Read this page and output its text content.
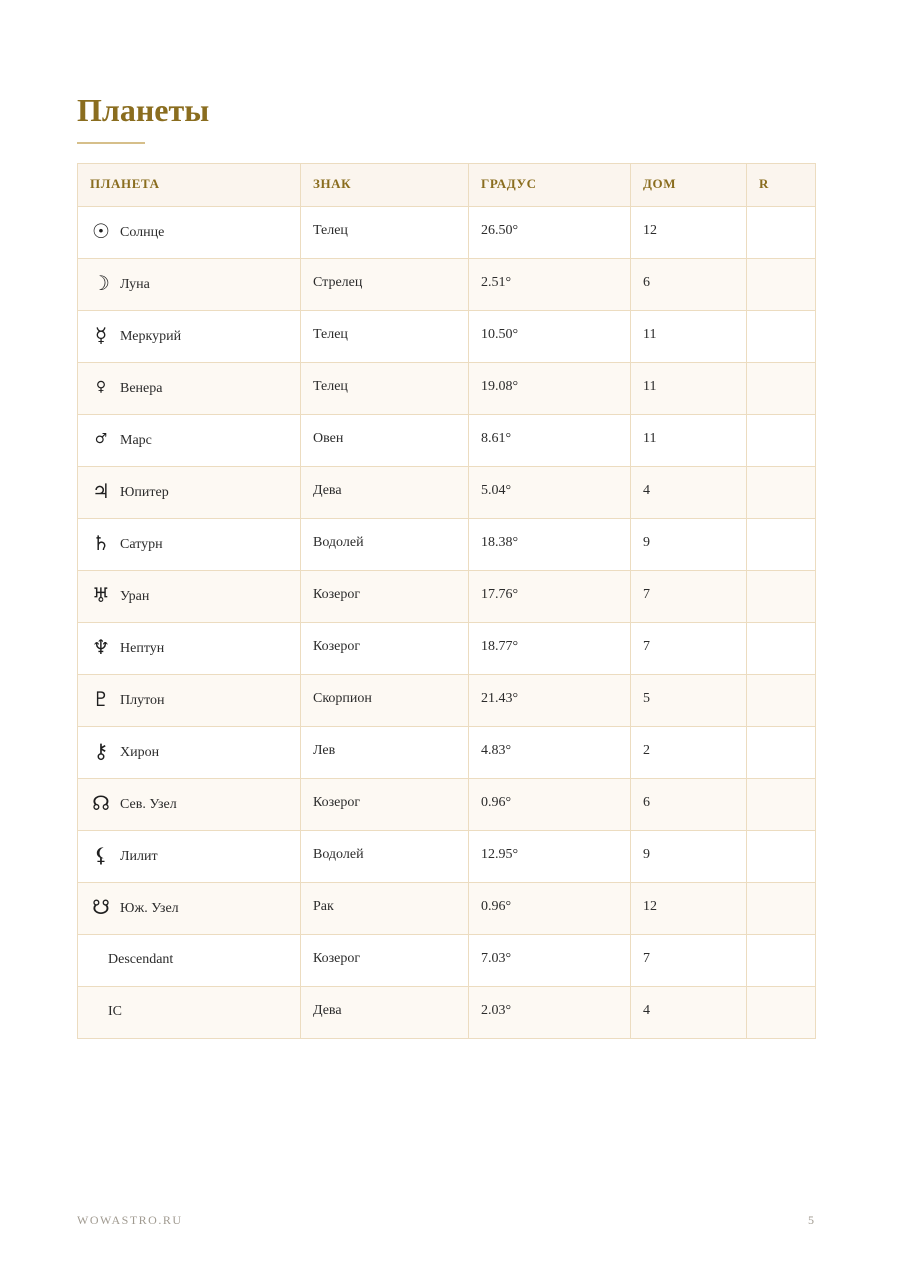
Планеты
ПЛАНЕТА	ЗНАК	ГРАДУС	ДОМ	R

☉ Солнце	Телец	26.50°	12	

☽ Луна	Стрелец	2.51°	6	

☿ Меркурий	Телец	10.50°	11	

♀ Венера	Телец	19.08°	11	

♂ Марс	Овен	8.61°	11	

♃ Юпитер	Дева	5.04°	4	

♄ Сатурн	Водолей	18.38°	9	

♅ Уран	Козерог	17.76°	7	

♆ Нептун	Козерог	18.77°	7	

♇ Плутон	Скорпион	21.43°	5	

⚷ Хирон	Лев	4.83°	2	

☊ Сев. Узел	Козерог	0.96°	6	

⚸ Лилит	Водолей	12.95°	9	

☋ Юж. Узел	Рак	0.96°	12	

Descendant	Козерог	7.03°	7	

IC	Дева	2.03°	4	
WOWASTRO.RU	5
